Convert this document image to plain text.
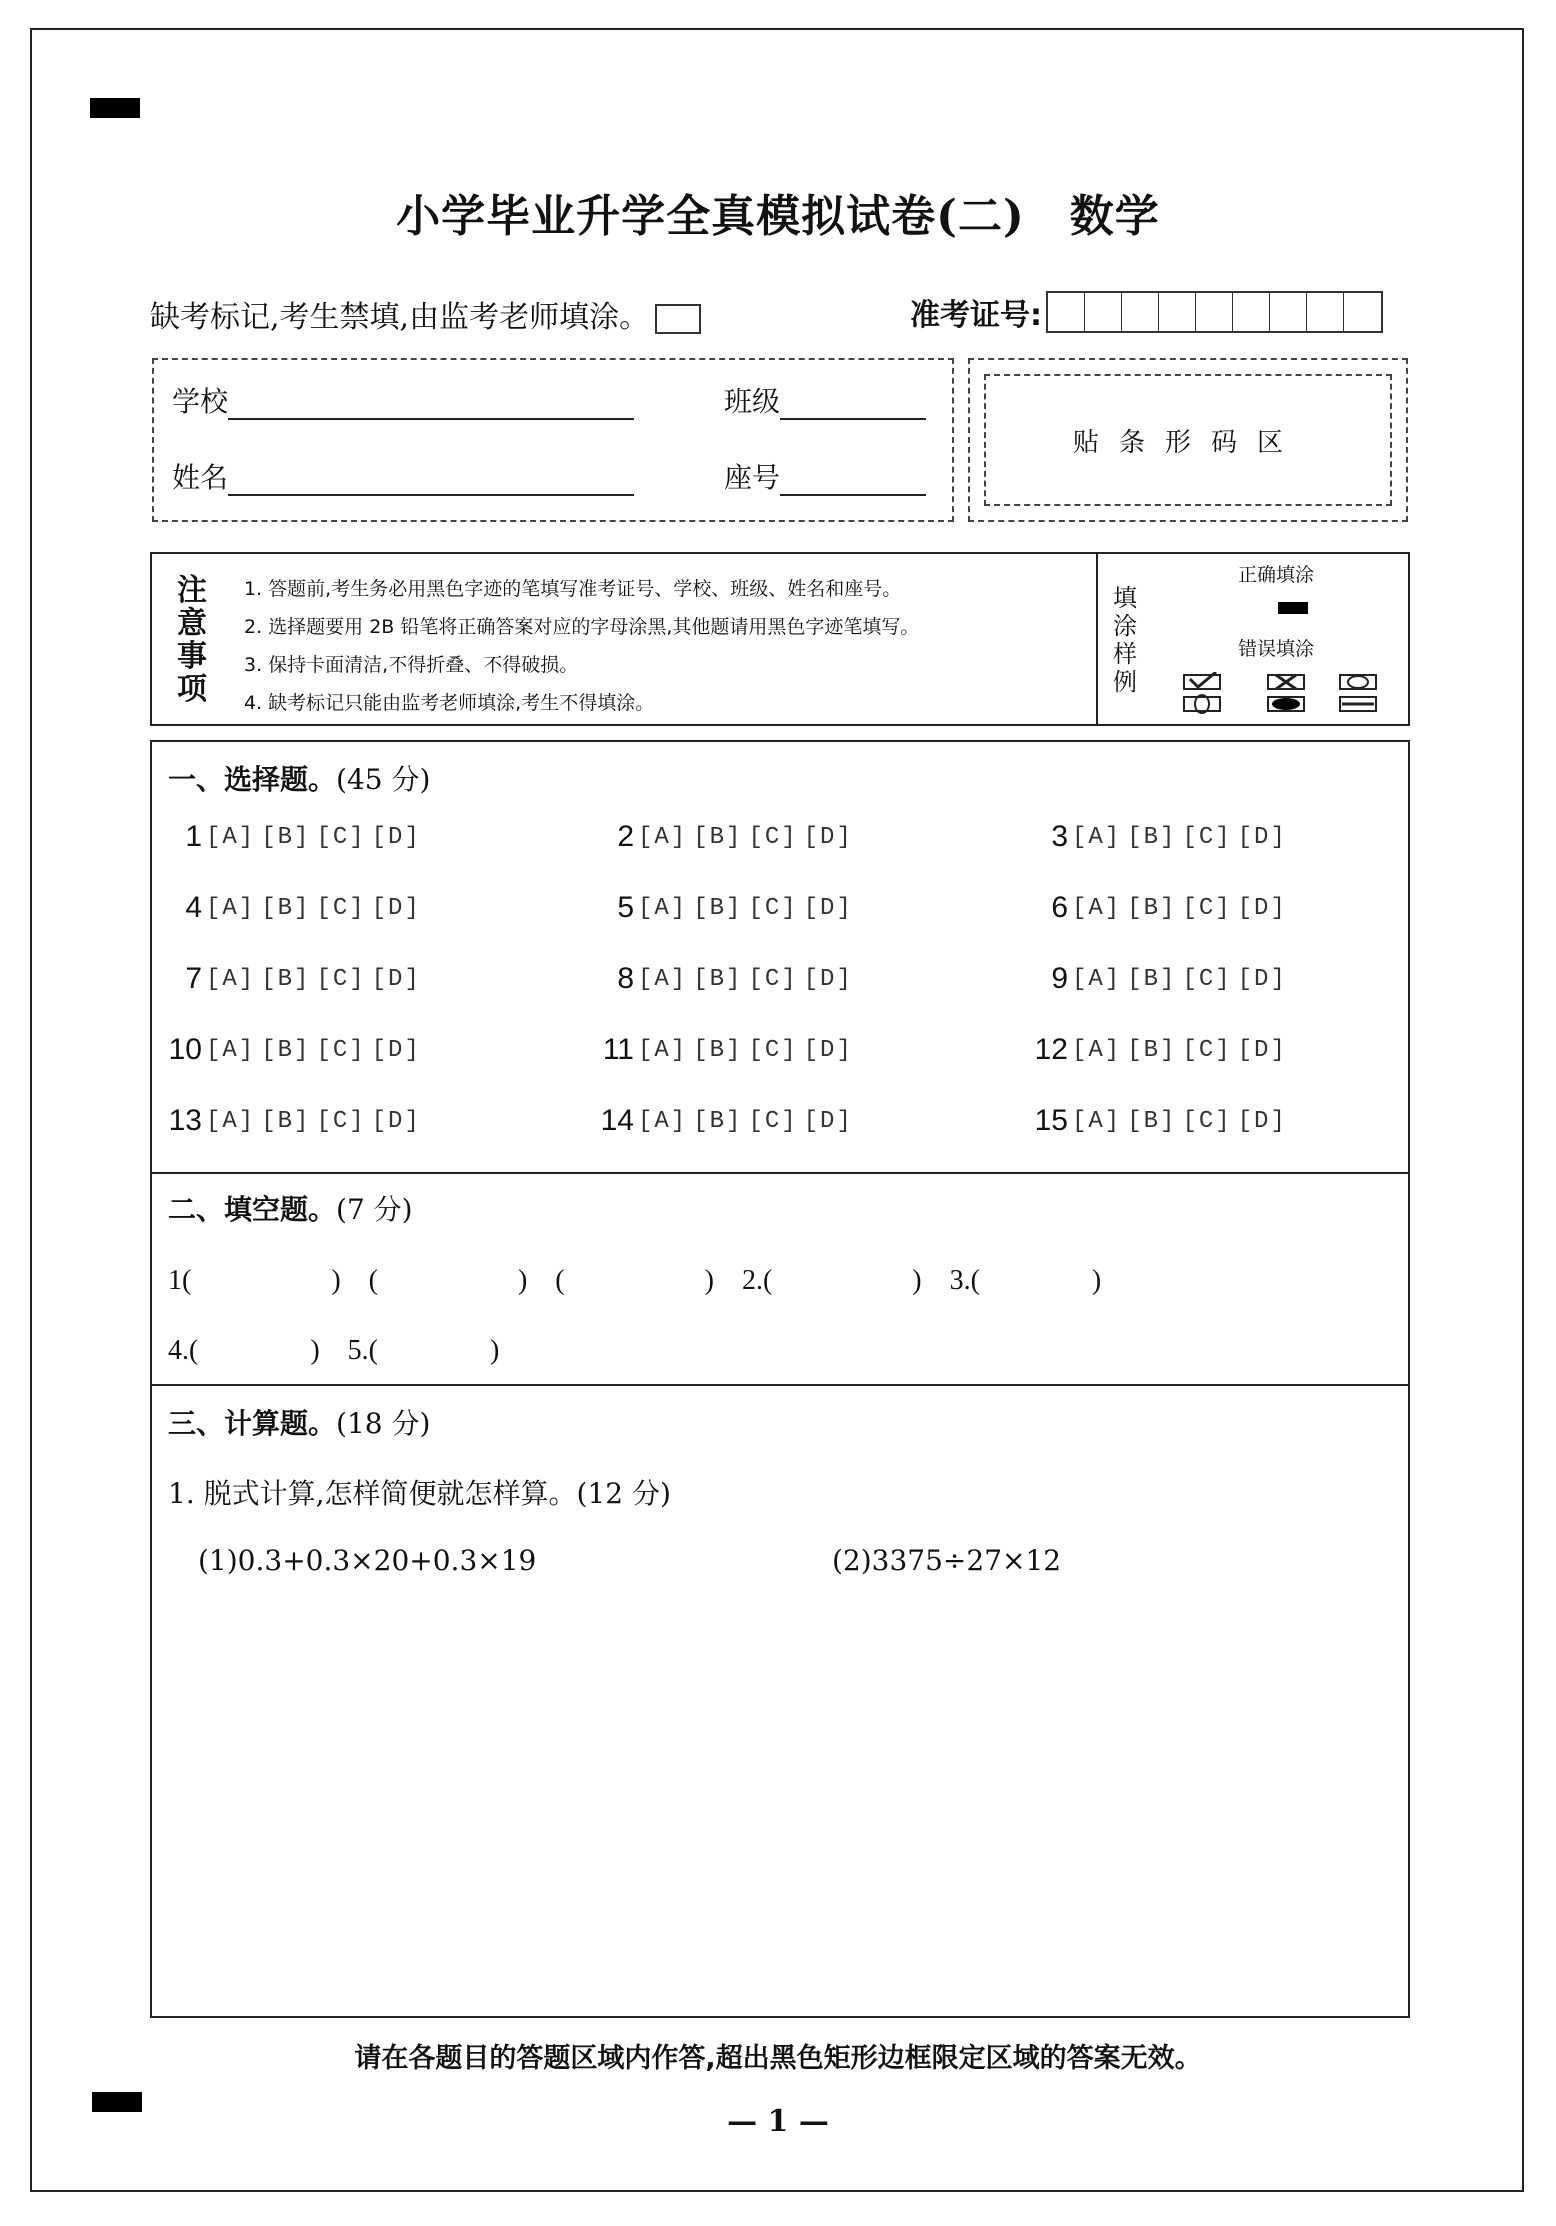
小学毕业升学全真模拟试卷(二)　数学
缺考标记,考生禁填,由监考老师填涂。	准考证号:
学校	班级
姓名	座号
贴条形码区
注意事项
1. 答题前,考生务必用黑色字迹的笔填写准考证号、学校、班级、姓名和座号。
2. 选择题要用 2B 铅笔将正确答案对应的字母涂黑,其他题请用黑色字迹笔填写。
3. 保持卡面清洁,不得折叠、不得破损。
4. 缺考标记只能由监考老师填涂,考生不得填涂。
填涂样例
正确填涂
错误填涂
一、选择题。(45 分)
1 [A] [B] [C] [D]	2 [A] [B] [C] [D]	3 [A] [B] [C] [D]
4 [A] [B] [C] [D]	5 [A] [B] [C] [D]	6 [A] [B] [C] [D]
7 [A] [B] [C] [D]	8 [A] [B] [C] [D]	9 [A] [B] [C] [D]
10 [A] [B] [C] [D]	11 [A] [B] [C] [D]	12 [A] [B] [C] [D]
13 [A] [B] [C] [D]	14 [A] [B] [C] [D]	15 [A] [B] [C] [D]
二、填空题。(7 分)
1(　　　　　)　(　　　　　)　(　　　　　)　2.(　　　　　)　3.(　　　　)
4.(　　　　)　5.(　　　　)
三、计算题。(18 分)
1. 脱式计算,怎样简便就怎样算。(12 分)
(1)0.3+0.3×20+0.3×19	(2)3375÷27×12
请在各题目的答题区域内作答,超出黑色矩形边框限定区域的答案无效。
— 1 —
